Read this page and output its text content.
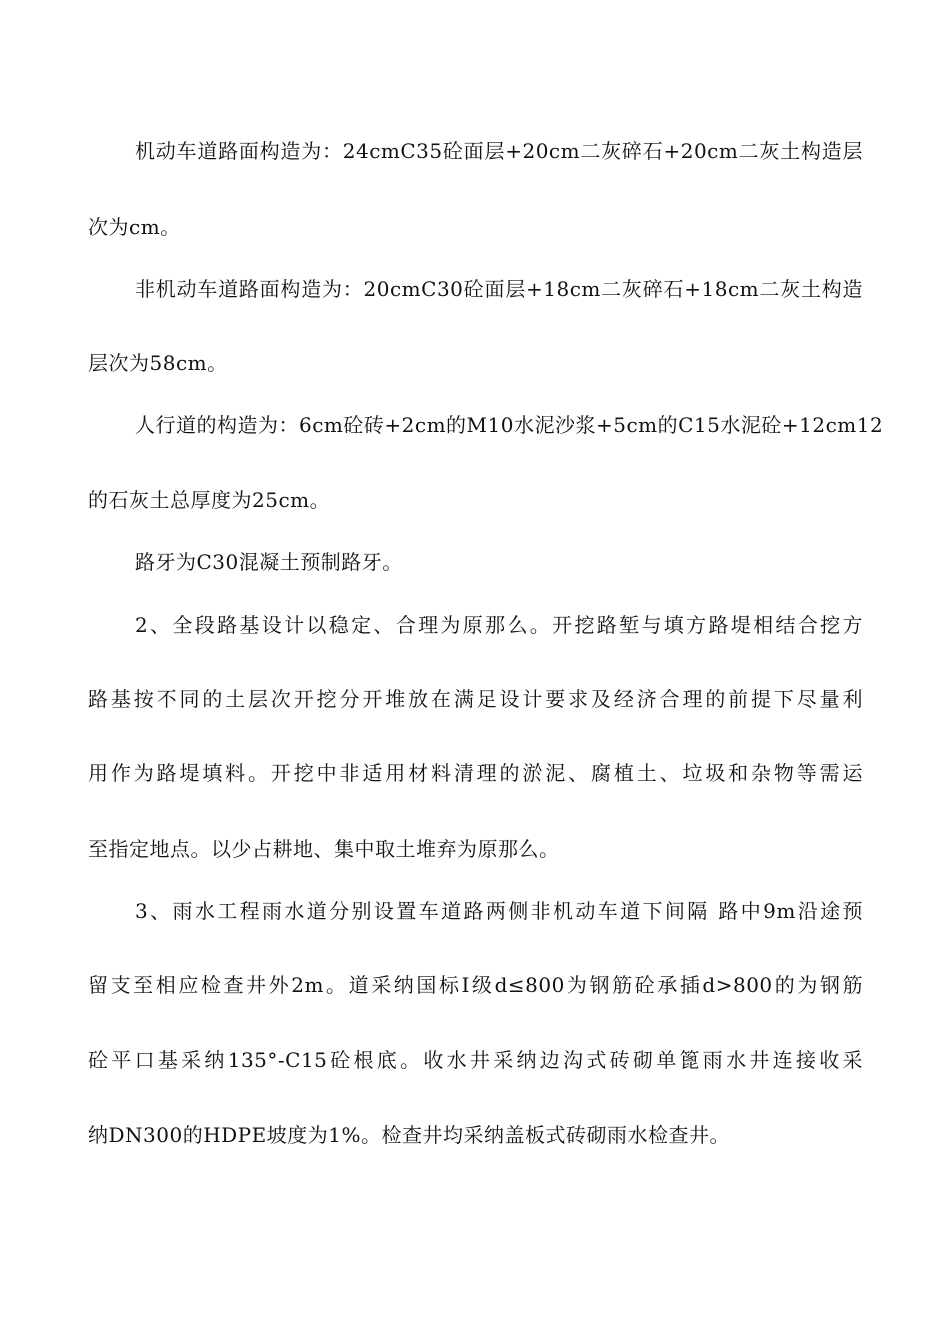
机动车道路面构造为：24cmC35砼面层+20cm二灰碎石+20cm二灰土构造层
次为cm。
非机动车道路面构造为：20cmC30砼面层+18cm二灰碎石+18cm二灰土构造
层次为58cm。
人行道的构造为：6cm砼砖+2cm的M10水泥沙浆+5cm的C15水泥砼+12cm12
的石灰土总厚度为25cm。
路牙为C30混凝土预制路牙。
2、全段路基设计以稳定、合理为原那么。开挖路堑与填方路堤相结合挖方
路基按不同的土层次开挖分开堆放在满足设计要求及经济合理的前提下尽量利
用作为路堤填料。开挖中非适用材料清理的淤泥、腐植土、垃圾和杂物等需运
至指定地点。以少占耕地、集中取土堆弃为原那么。
3、雨水工程雨水道分别设置车道路两侧非机动车道下间隔 路中9m沿途预
留支至相应检查井外2m。道采纳国标Ⅰ级d≤800为钢筋砼承插d>800的为钢筋
砼平口基采纳135°-C15砼根底。收水井采纳边沟式砖砌单篦雨水井连接收采
纳DN300的HDPE坡度为1%。检查井均采纳盖板式砖砌雨水检查井。
